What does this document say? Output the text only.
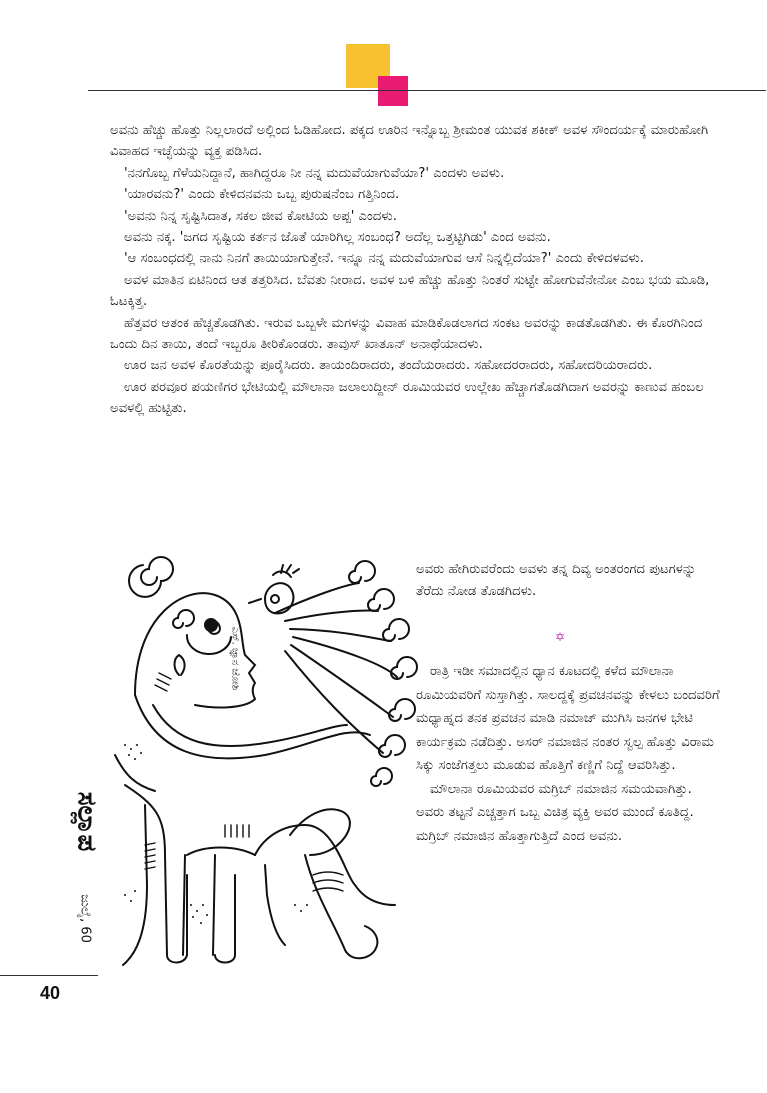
ಅವನು ಹೆಚ್ಚು ಹೊತ್ತು ನಿಲ್ಲಲಾರದೆ ಅಲ್ಲಿಂದ ಓಡಿಹೋದ. ಪಕ್ಕದ ಊರಿನ ಇನ್ನೊಬ್ಬ ಶ್ರೀಮಂತ ಯುವಕ ಶಕೀಕ್ ಅವಳ ಸೌಂದರ್ಯಕ್ಕೆ ಮಾರುಹೋಗಿ ವಿವಾಹದ ಇಚ್ಛೆಯನ್ನು ವ್ಯಕ್ತ ಪಡಿಸಿದ.

'ನನಗೊಬ್ಬ ಗೆಳೆಯನಿದ್ದಾನೆ, ಹಾಗಿದ್ದರೂ ನೀ ನನ್ನ ಮದುವೆಯಾಗುವೆಯಾ?' ಎಂದಳು ಅವಳು.

'ಯಾರವನು?' ಎಂದು ಕೇಳಿದನವನು ಒಬ್ಬ ಪುರುಷನೆಂಬ ಗತ್ತಿನಿಂದ.

'ಅವನು ನಿನ್ನ ಸೃಷ್ಟಿಸಿದಾತ, ಸಕಲ ಜೀವ ಕೋಟಿಯ ಅಪ್ಪ' ಎಂದಳು.

ಅವನು ನಕ್ಕ. 'ಜಗದ ಸೃಷ್ಟಿಯ ಕರ್ತನ ಜೊತೆ ಯಾರಿಗಿಲ್ಲ ಸಂಬಂಧ? ಅದೆಲ್ಲ ಒತ್ತಟ್ಟಿಗಿಡು' ಎಂದ ಅವನು.

'ಆ ಸಂಬಂಧದಲ್ಲಿ ನಾನು ನಿನಗೆ ತಾಯಿಯಾಗುತ್ತೇನೆ. ಇನ್ನೂ ನನ್ನ ಮದುವೆಯಾಗುವ ಆಸೆ ನಿನ್ನಲ್ಲಿದೆಯಾ?' ಎಂದು ಕೇಳಿದಳವಳು.

ಅವಳ ಮಾತಿನ ಏಟಿನಿಂದ ಆತ ತತ್ತರಿಸಿದ. ಬೆವತು ನೀರಾದ. ಅವಳ ಬಳಿ ಹೆಚ್ಚು ಹೊತ್ತು ನಿಂತರೆ ಸುಟ್ಟೇ ಹೋಗುವೆನೇನೋ ಎಂಬ ಭಯ ಮೂಡಿ, ಓಟಕ್ಕಿತ್ತ.

ಹೆತ್ತವರ ಆತಂಕ ಹೆಚ್ಚತೊಡಗಿತು. ಇರುವ ಒಬ್ಬಳೇ ಮಗಳನ್ನು ವಿವಾಹ ಮಾಡಿಕೊಡಲಾಗದ ಸಂಕಟ ಅವರನ್ನು ಕಾಡತೊಡಗಿತು. ಈ ಕೊರಗಿನಿಂದ ಒಂದು ದಿನ ತಾಯಿ, ತಂದೆ ಇಬ್ಬರೂ ತೀರಿಕೊಂಡರು. ತಾವುಸ್ ಖಾತೂನ್ ಅನಾಥೆಯಾದಳು.

ಊರ ಜನ ಅವಳ ಕೊರತೆಯನ್ನು ಪೂರೈಸಿದರು. ತಾಯಂದಿರಾದರು, ತಂದೆಯರಾದರು. ಸಹೋದರರಾದರು, ಸಹೋದರಿಯರಾದರು.

ಊರ ಪರವೂರ ಪಯಣಿಗರ ಭೇಟಿಯಲ್ಲಿ ಮೌಲಾನಾ ಜಲಾಲುದ್ದೀನ್ ರೂಮಿಯವರ ಉಲ್ಲೇಖ ಹೆಚ್ಚಾಗತೊಡಗಿದಾಗ ಅವರನ್ನು ಕಾಣುವ ಹಂಬಲ ಅವಳಲ್ಲಿ ಹುಟ್ಟಿತು.

ಅವರು ಹೇಗಿರುವರೆಂದು ಅವಳು ತನ್ನ ದಿವ್ಯ ಅಂತರಂಗದ ಪುಟಗಳನ್ನು ತೆರೆದು ನೋಡ ತೊಡಗಿದಳು.

✡

ರಾತ್ರಿ ಇಡೀ ಸಮಾದಲ್ಲಿನ ಧ್ಯಾನ ಕೂಟದಲ್ಲಿ ಕಳೆದ ಮೌಲಾನಾ ರೂಮಿಯವರಿಗೆ ಸುಸ್ತಾಗಿತ್ತು. ಸಾಲದ್ದಕ್ಕೆ ಪ್ರವಚನವನ್ನು ಕೇಳಲು ಬಂದವರಿಗೆ ಮಧ್ಯಾಹ್ನದ ತನಕ ಪ್ರವಚನ ಮಾಡಿ ನಮಾಜ್ ಮುಗಿಸಿ ಜನಗಳ ಭೇಟಿ ಕಾರ್ಯಕ್ರಮ ನಡೆದಿತ್ತು. ಅಸರ್ ನಮಾಜಿನ ನಂತರ ಸ್ವಲ್ಪ ಹೊತ್ತು ವಿರಾಮ ಸಿಕ್ಕು ಸಂಜೆಗತ್ತಲು ಮೂಡುವ ಹೊತ್ತಿಗೆ ಕಣ್ಣಿಗೆ ನಿದ್ದೆ ಆವರಿಸಿತ್ತು.

ಮೌಲಾನಾ ರೂಮಿಯವರ ಮಗ್ರಿಬ್ ನಮಾಜಿನ ಸಮಯವಾಗಿತ್ತು. ಅವರು ತಟ್ಟನೆ ಎಚ್ಚತ್ತಾಗ ಒಬ್ಬ ವಿಚಿತ್ರ ವ್ಯಕ್ತಿ ಅವರ ಮುಂದೆ ಕೂತಿದ್ದ. ಮಗ್ರಿಬ್ ನಮಾಜಿನ ಹೊತ್ತಾಗುತ್ತಿದೆ ಎಂದ ಅವನು.

ಎಸ್. ಜ್ಞಾನ ಜೋಶಿ
ಸಲ್ಲಾಪ
ಜುಲೈ, 60
40
